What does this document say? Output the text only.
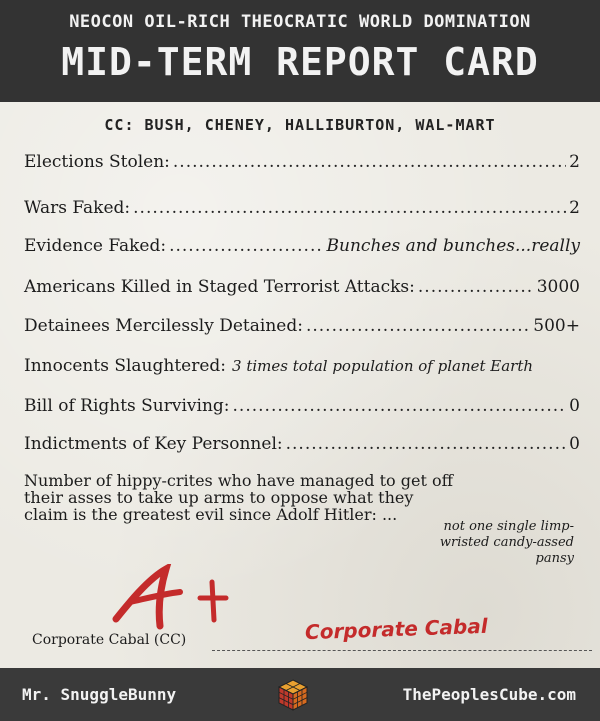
NEOCON OIL-RICH THEOCRATIC WORLD DOMINATION
MID-TERM REPORT CARD
CC: BUSH, CHENEY, HALLIBURTON, WAL-MART
Elections Stolen: .....	2
Wars Faked: .....	2
Evidence Faked: .....	Bunches and bunches...really
Americans Killed in Staged Terrorist Attacks: .....	3000
Detainees Mercilessly Detained: .....	500+
Innocents Slaughtered: 3 times total population of planet Earth
Bill of Rights Surviving: .....	0
Indictments of Key Personnel: .....	0
Number of hippy-crites who have managed to get off their asses to take up arms to oppose what they claim is the greatest evil since Adolf Hitler: ...
not one single limp-wristed candy-assed pansy
Corporate Cabal (CC)	Corporate Cabal
Mr. SnuggleBunny	ThePeoplesCube.com
